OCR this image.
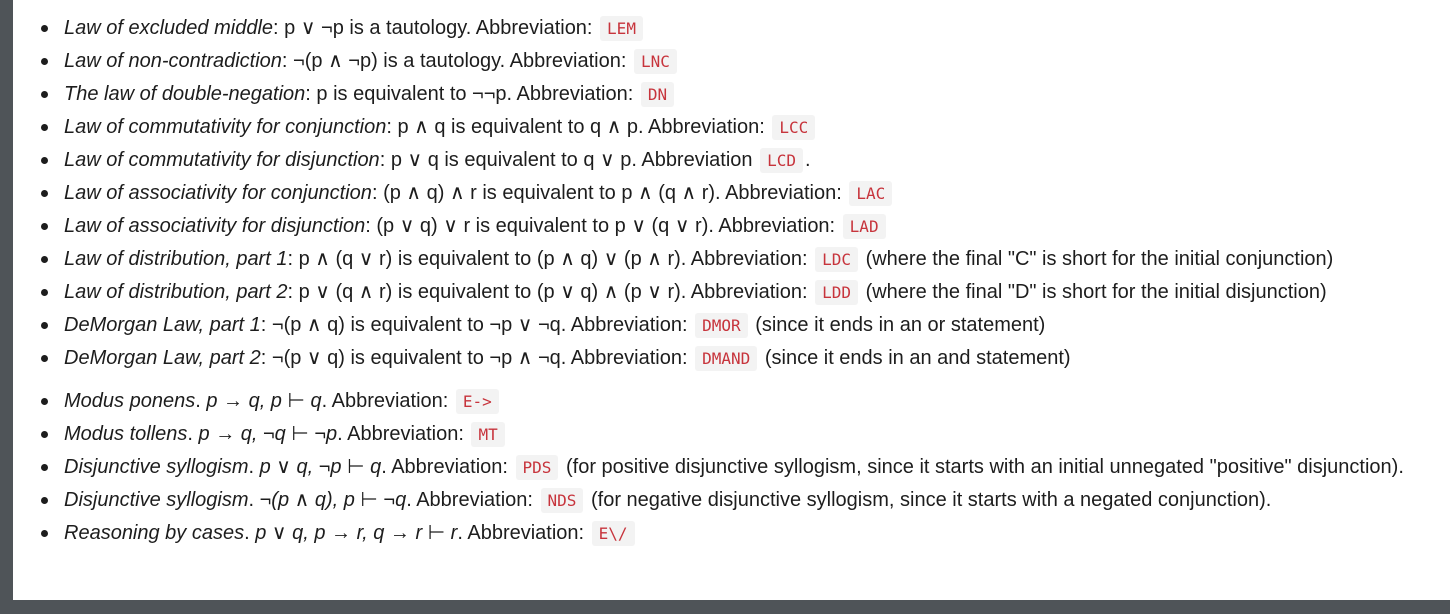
Law of excluded middle: p ∨ ¬p is a tautology. Abbreviation: LEM
Law of non-contradiction: ¬(p ∧ ¬p) is a tautology. Abbreviation: LNC
The law of double-negation: p is equivalent to ¬¬p. Abbreviation: DN
Law of commutativity for conjunction: p ∧ q is equivalent to q ∧ p. Abbreviation: LCC
Law of commutativity for disjunction: p ∨ q is equivalent to q ∨ p. Abbreviation LCD .
Law of associativity for conjunction: (p ∧ q) ∧ r is equivalent to p ∧ (q ∧ r). Abbreviation: LAC
Law of associativity for disjunction: (p ∨ q) ∨ r is equivalent to p ∨ (q ∨ r). Abbreviation: LAD
Law of distribution, part 1: p ∧ (q ∨ r) is equivalent to (p ∧ q) ∨ (p ∧ r). Abbreviation: LDC (where the final "C" is short for the initial conjunction)
Law of distribution, part 2: p ∨ (q ∧ r) is equivalent to (p ∨ q) ∧ (p ∨ r). Abbreviation: LDD (where the final "D" is short for the initial disjunction)
DeMorgan Law, part 1: ¬(p ∧ q) is equivalent to ¬p ∨ ¬q. Abbreviation: DMOR (since it ends in an or statement)
DeMorgan Law, part 2: ¬(p ∨ q) is equivalent to ¬p ∧ ¬q. Abbreviation: DMAND (since it ends in an and statement)
Modus ponens. p → q, p ⊢ q. Abbreviation: E->
Modus tollens. p → q, ¬q ⊢ ¬p. Abbreviation: MT
Disjunctive syllogism. p ∨ q, ¬p ⊢ q. Abbreviation: PDS (for positive disjunctive syllogism, since it starts with an initial unnegated "positive" disjunction).
Disjunctive syllogism. ¬(p ∧ q), p ⊢ ¬q. Abbreviation: NDS (for negative disjunctive syllogism, since it starts with a negated conjunction).
Reasoning by cases. p ∨ q, p → r, q → r ⊢ r. Abbreviation: E\/
